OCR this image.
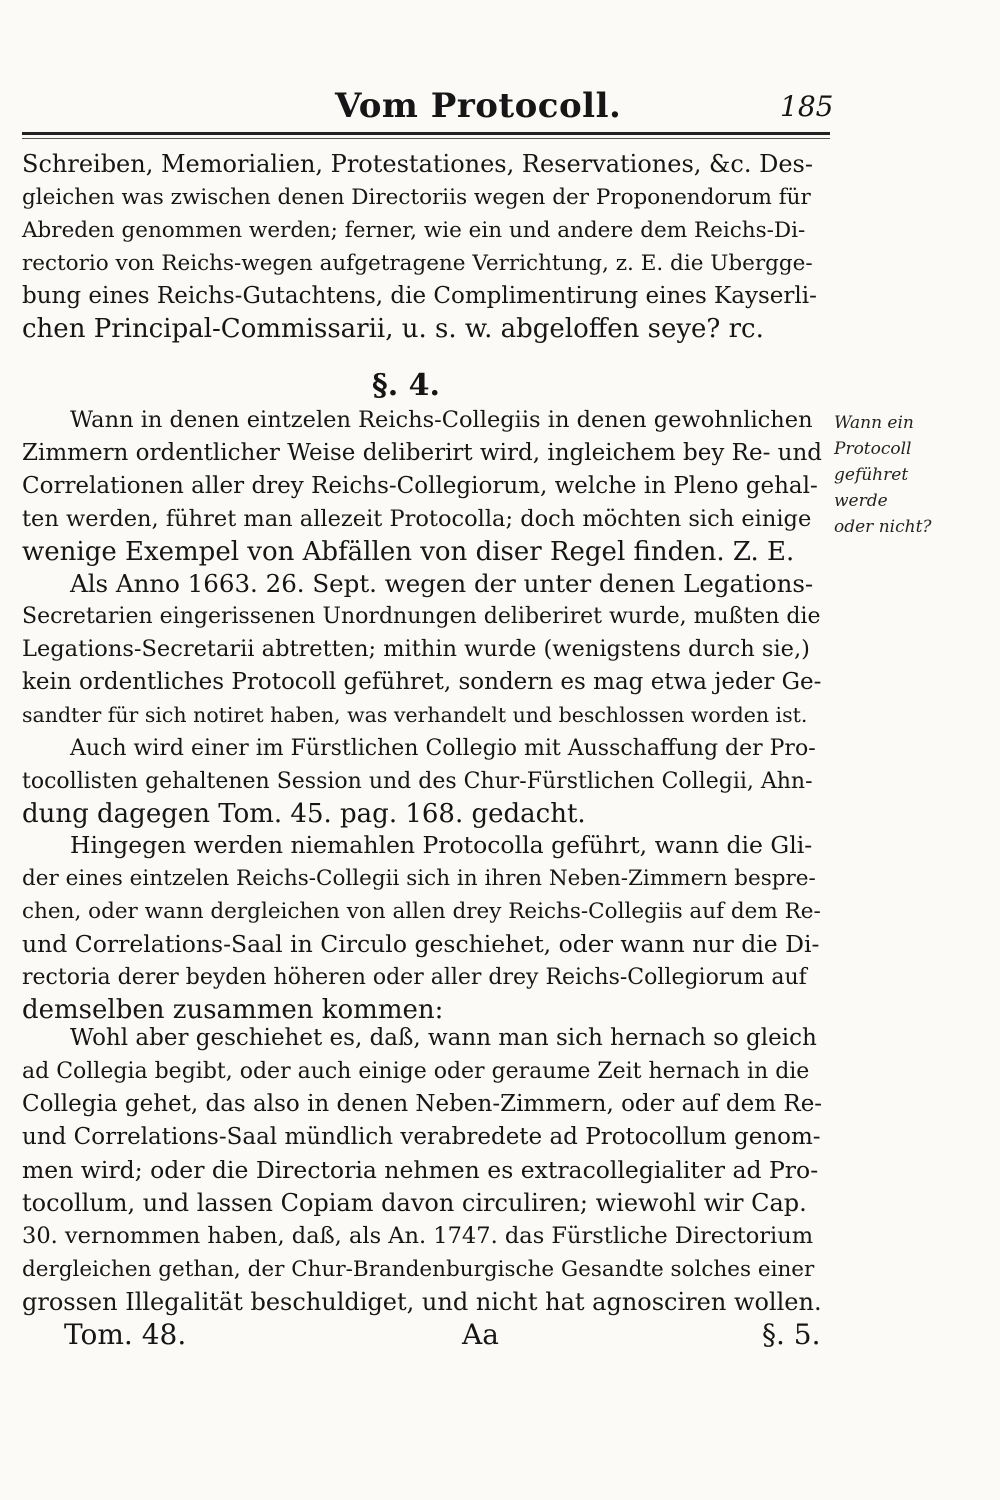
Vom Protocoll.	185
Schreiben, Memorialien, Protestationes, Reservationes, &c. Des-
gleichen was zwischen denen Directoriis wegen der Proponendorum für
Abreden genommen werden; ferner, wie ein und andere dem Reichs-Di-
rectorio von Reichs-wegen aufgetragene Verrichtung, z. E. die Ubergge-
bung eines Reichs-Gutachtens, die Complimentirung eines Kayserli-
chen Principal-Commissarii, u. s. w. abgeloffen seye? rc.
§. 4.
Wann in denen eintzelen Reichs-Collegiis in denen gewohnlichen
Zimmern ordentlicher Weise deliberirt wird, ingleichem bey Re- und
Correlationen aller drey Reichs-Collegiorum, welche in Pleno gehal-
ten werden, führet man allezeit Protocolla; doch möchten sich einige
wenige Exempel von Abfällen von diser Regel finden. Z. E.
Wann ein
Protocoll
geführet
werde
oder nicht?
Als Anno 1663. 26. Sept. wegen der unter denen Legations-
Secretarien eingerissenen Unordnungen deliberiret wurde, mußten die
Legations-Secretarii abtretten; mithin wurde (wenigstens durch sie,)
kein ordentliches Protocoll geführet, sondern es mag etwa jeder Ge-
sandter für sich notiret haben, was verhandelt und beschlossen worden ist.
Auch wird einer im Fürstlichen Collegio mit Ausschaffung der Pro-
tocollisten gehaltenen Session und des Chur-Fürstlichen Collegii, Ahn-
dung dagegen Tom. 45. pag. 168. gedacht.
Hingegen werden niemahlen Protocolla geführt, wann die Gli-
der eines eintzelen Reichs-Collegii sich in ihren Neben-Zimmern bespre-
chen, oder wann dergleichen von allen drey Reichs-Collegiis auf dem Re-
und Correlations-Saal in Circulo geschiehet, oder wann nur die Di-
rectoria derer beyden höheren oder aller drey Reichs-Collegiorum auf
demselben zusammen kommen:
Wohl aber geschiehet es, daß, wann man sich hernach so gleich
ad Collegia begibt, oder auch einige oder geraume Zeit hernach in die
Collegia gehet, das also in denen Neben-Zimmern, oder auf dem Re-
und Correlations-Saal mündlich verabredete ad Protocollum genom-
men wird; oder die Directoria nehmen es extracollegialiter ad Pro-
tocollum, und lassen Copiam davon circuliren; wiewohl wir Cap.
30. vernommen haben, daß, als An. 1747. das Fürstliche Directorium
dergleichen gethan, der Chur-Brandenburgische Gesandte solches einer
grossen Illegalität beschuldiget, und nicht hat agnosciren wollen.
Tom. 48.	Aa	§. 5.
